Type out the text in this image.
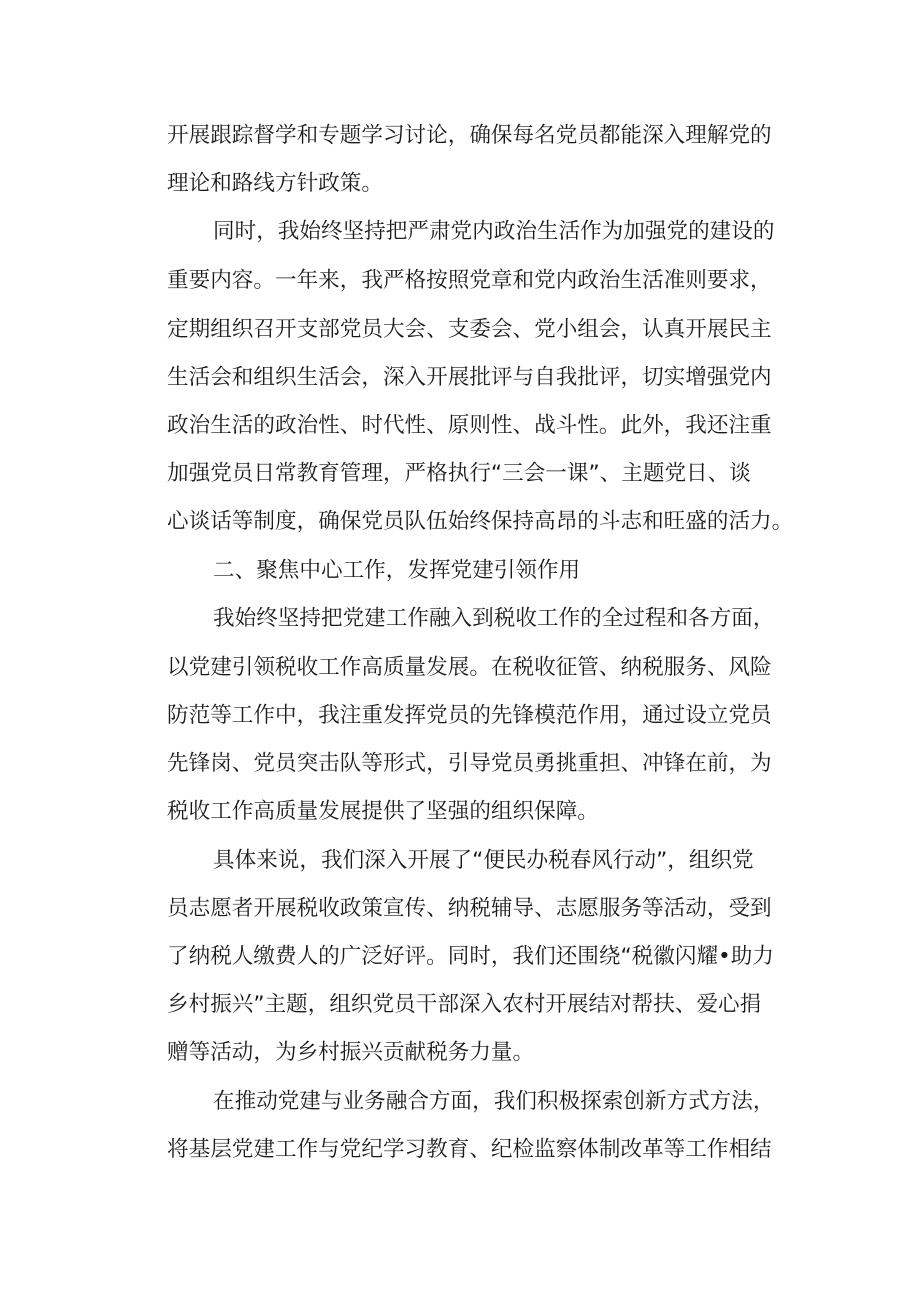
开展跟踪督学和专题学习讨论，确保每名党员都能深入理解党的
理论和路线方针政策。
同时，我始终坚持把严肃党内政治生活作为加强党的建设的
重要内容。一年来，我严格按照党章和党内政治生活准则要求，
定期组织召开支部党员大会、支委会、党小组会，认真开展民主
生活会和组织生活会，深入开展批评与自我批评，切实增强党内
政治生活的政治性、时代性、原则性、战斗性。此外，我还注重
加强党员日常教育管理，严格执行“三会一课”、主题党日、谈
心谈话等制度，确保党员队伍始终保持高昂的斗志和旺盛的活力。
二、聚焦中心工作，发挥党建引领作用
我始终坚持把党建工作融入到税收工作的全过程和各方面，
以党建引领税收工作高质量发展。在税收征管、纳税服务、风险
防范等工作中，我注重发挥党员的先锋模范作用，通过设立党员
先锋岗、党员突击队等形式，引导党员勇挑重担、冲锋在前，为
税收工作高质量发展提供了坚强的组织保障。
具体来说，我们深入开展了“便民办税春风行动”，组织党
员志愿者开展税收政策宣传、纳税辅导、志愿服务等活动，受到
了纳税人缴费人的广泛好评。同时，我们还围绕“税徽闪耀•助力
乡村振兴”主题，组织党员干部深入农村开展结对帮扶、爱心捐
赠等活动，为乡村振兴贡献税务力量。
在推动党建与业务融合方面，我们积极探索创新方式方法，
将基层党建工作与党纪学习教育、纪检监察体制改革等工作相结
